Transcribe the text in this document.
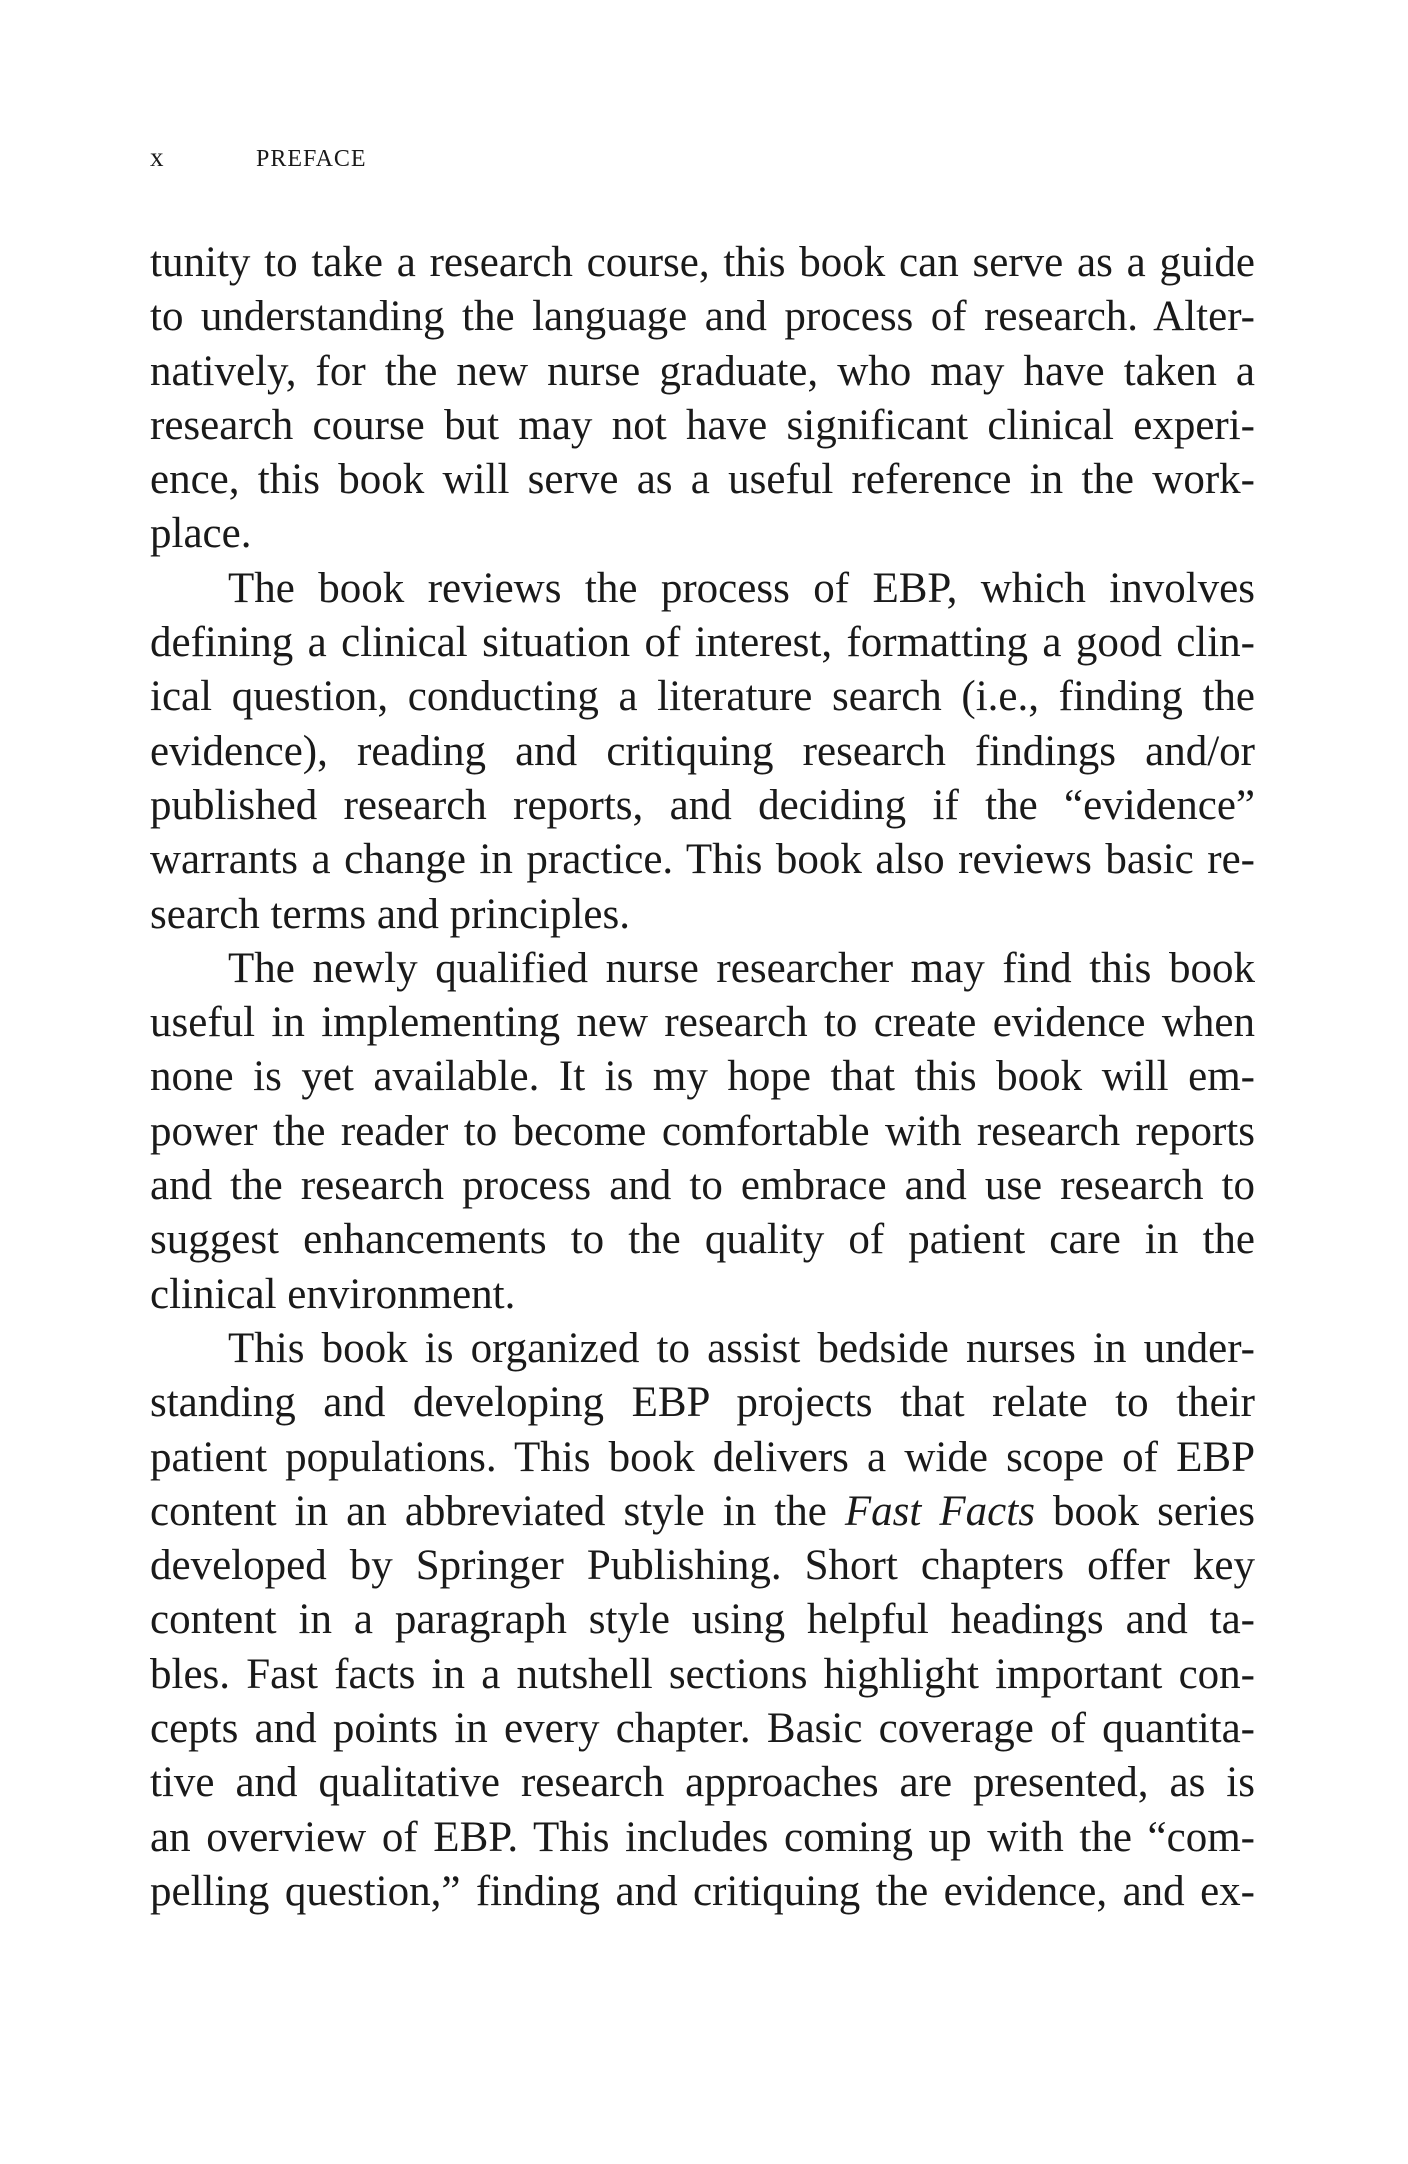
x	PREFACE
tunity to take a research course, this book can serve as a guide
to understanding the language and process of research. Alter-
natively, for the new nurse graduate, who may have taken a
research course but may not have significant clinical experi-
ence, this book will serve as a useful reference in the work-
place.
The book reviews the process of EBP, which involves
defining a clinical situation of interest, formatting a good clin-
ical question, conducting a literature search (i.e., finding the
evidence), reading and critiquing research findings and/or
published research reports, and deciding if the “evidence”
warrants a change in practice. This book also reviews basic re-
search terms and principles.
The newly qualified nurse researcher may find this book
useful in implementing new research to create evidence when
none is yet available. It is my hope that this book will em-
power the reader to become comfortable with research reports
and the research process and to embrace and use research to
suggest enhancements to the quality of patient care in the
clinical environment.
This book is organized to assist bedside nurses in under-
standing and developing EBP projects that relate to their
patient populations. This book delivers a wide scope of EBP
content in an abbreviated style in the Fast Facts book series
developed by Springer Publishing. Short chapters offer key
content in a paragraph style using helpful headings and ta-
bles. Fast facts in a nutshell sections highlight important con-
cepts and points in every chapter. Basic coverage of quantita-
tive and qualitative research approaches are presented, as is
an overview of EBP. This includes coming up with the “com-
pelling question,” finding and critiquing the evidence, and ex-
